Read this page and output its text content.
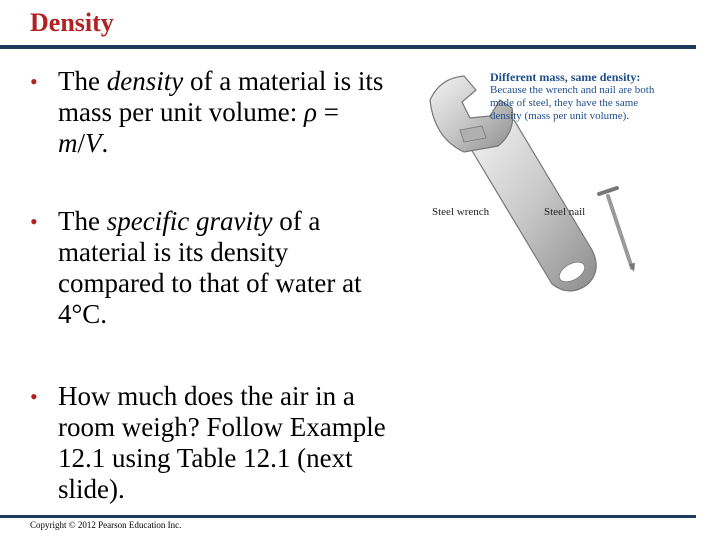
Density
• The density of a material is its mass per unit volume: ρ = m/V.
• The specific gravity of a material is its density compared to that of water at 4°C.
• How much does the air in a room weigh? Follow Example 12.1 using Table 12.1 (next slide).
Different mass, same density:
Because the wrench and nail are both made of steel, they have the same density (mass per unit volume).
Steel wrench	Steel nail
Copyright © 2012 Pearson Education Inc.
